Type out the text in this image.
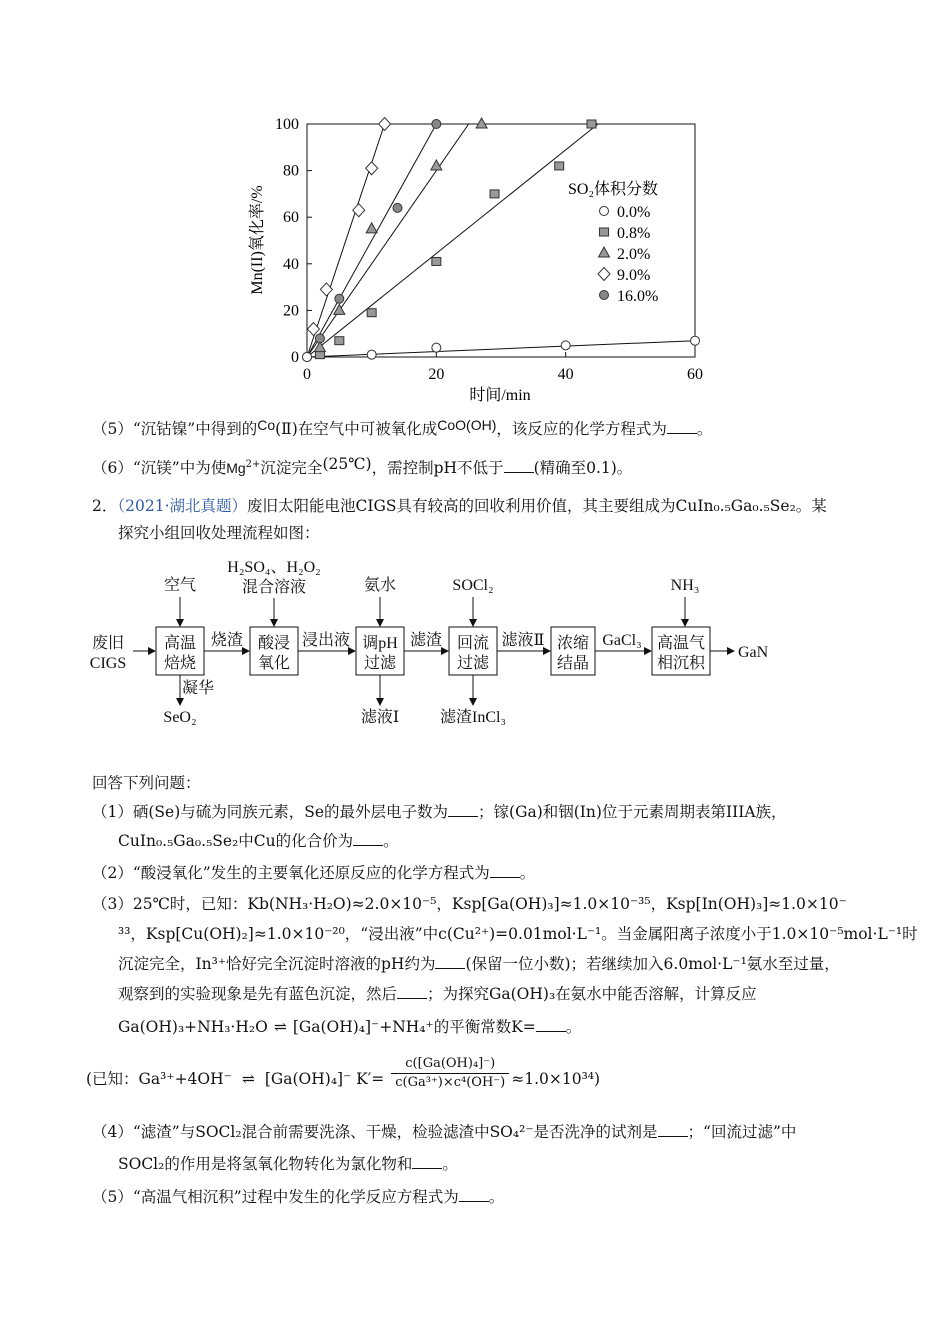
0
20
40
60
80
100
0	20	40	60
Mn(II)氧化率/%
时间/min
SO₂体积分数
0.0%
0.8%
2.0%
9.0%
16.0%
（5）“沉钴镍”中得到的Co(Ⅱ)在空气中可被氧化成CoO(OH)，该反应的化学方程式为 。
（6）“沉镁”中为使$Mg^{2+}$沉淀完全(25℃)，需控制pH不低于 (精确至0.1)。
2．（2021·湖北真题）废旧太阳能电池CIGS具有较高的回收利用价值，其主要组成为CuIn₀.₅Ga₀.₅Se₂。某
探究小组回收处理流程如图：
高温
焙烧
酸浸
氧化
调pH
过滤
回流
过滤
浓缩
结晶
高温气
相沉积
废旧
CIGS
烧渣	浸出液	滤渣	滤液Ⅱ	GaCl₃
GaN
空气
H₂SO₄、H₂O₂
混合溶液	氨水	SOCl₂	NH₃
凝华
SeO₂	滤液Ⅰ	滤渣InCl₃
回答下列问题：
（1）硒(Se)与硫为同族元素，Se的最外层电子数为 ；镓(Ga)和铟(In)位于元素周期表第IIIA族，
CuIn₀.₅Ga₀.₅Se₂中Cu的化合价为 。
（2）“酸浸氧化”发生的主要氧化还原反应的化学方程式为 。
（3）25℃时，已知：Kb(NH₃·H₂O)≈2.0×10⁻⁵，Ksp[Ga(OH)₃]≈1.0×10⁻³⁵，Ksp[In(OH)₃]≈1.0×10⁻
³³，Ksp[Cu(OH)₂]≈1.0×10⁻²⁰，“浸出液”中c(Cu²⁺)=0.01mol·L⁻¹。当金属阳离子浓度小于1.0×10⁻⁵mol·L⁻¹时
沉淀完全，In³⁺恰好完全沉淀时溶液的pH约为 (保留一位小数)；若继续加入6.0mol·L⁻¹氨水至过量，
观察到的实验现象是先有蓝色沉淀，然后 ；为探究Ga(OH)₃在氨水中能否溶解，计算反应
Ga(OH)₃+NH₃·H₂O ⇌ [Ga(OH)₄]⁻+NH₄⁺的平衡常数K= 。
(已知：Ga³⁺+4OH⁻ ⇌ [Ga(OH)₄]⁻ $K'= \frac{\text{c([Ga(OH)₄]⁻)}}{\text{c(Ga³⁺)×c⁴(OH⁻)}} \approx 1.0\times 10^{34}$)
（4）“滤渣”与SOCl₂混合前需要洗涤、干燥，检验滤渣中SO₄²⁻是否洗净的试剂是 ；“回流过滤”中
SOCl₂的作用是将氢氧化物转化为氯化物和 。
（5）“高温气相沉积”过程中发生的化学反应方程式为 。
